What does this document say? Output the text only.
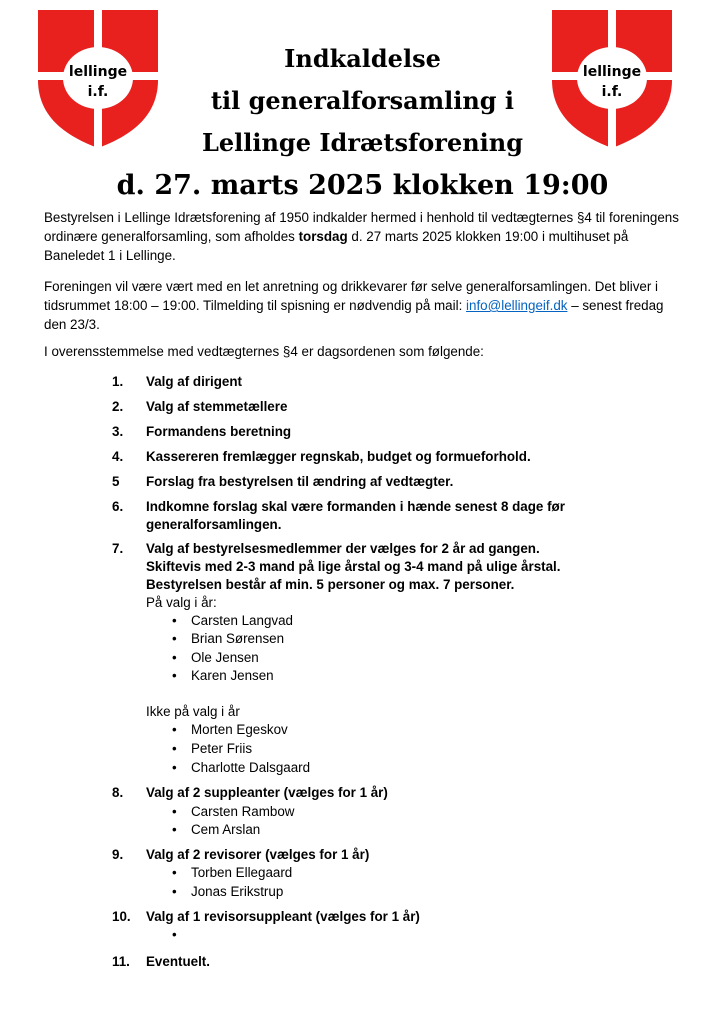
lellinge
i.f.
lellinge
i.f.
Indkaldelse
til generalforsamling i
Lellinge Idrætsforening
d. 27. marts 2025 klokken 19:00

Bestyrelsen i Lellinge Idrætsforening af 1950 indkalder hermed i henhold til vedtægternes §4 til foreningens ordinære generalforsamling, som afholdes torsdag d. 27 marts 2025 klokken 19:00 i multihuset på Baneledet 1 i Lellinge.

Foreningen vil være vært med en let anretning og drikkevarer før selve generalforsamlingen. Det bliver i tidsrummet 18:00 – 19:00. Tilmelding til spisning er nødvendig på mail: info@lellingeif.dk – senest fredag den 23/3.

I overensstemmelse med vedtægternes §4 er dagsordenen som følgende:

1. Valg af dirigent
2. Valg af stemmetællere
3. Formandens beretning
4. Kassereren fremlægger regnskab, budget og formueforhold.
5 Forslag fra bestyrelsen til ændring af vedtægter.
6. Indkomne forslag skal være formanden i hænde senest 8 dage før generalforsamlingen.
7. Valg af bestyrelsesmedlemmer der vælges for 2 år ad gangen. Skiftevis med 2-3 mand på lige årstal og 3-4 mand på ulige årstal.
Bestyrelsen består af min. 5 personer og max. 7 personer.
På valg i år:
• Carsten Langvad
• Brian Sørensen
• Ole Jensen
• Karen Jensen
Ikke på valg i år
• Morten Egeskov
• Peter Friis
• Charlotte Dalsgaard
8. Valg af 2 suppleanter (vælges for 1 år)
• Carsten Rambow
• Cem Arslan
9. Valg af 2 revisorer (vælges for 1 år)
• Torben Ellegaard
• Jonas Erikstrup
10. Valg af 1 revisorsuppleant (vælges for 1 år)
•
11. Eventuelt.
